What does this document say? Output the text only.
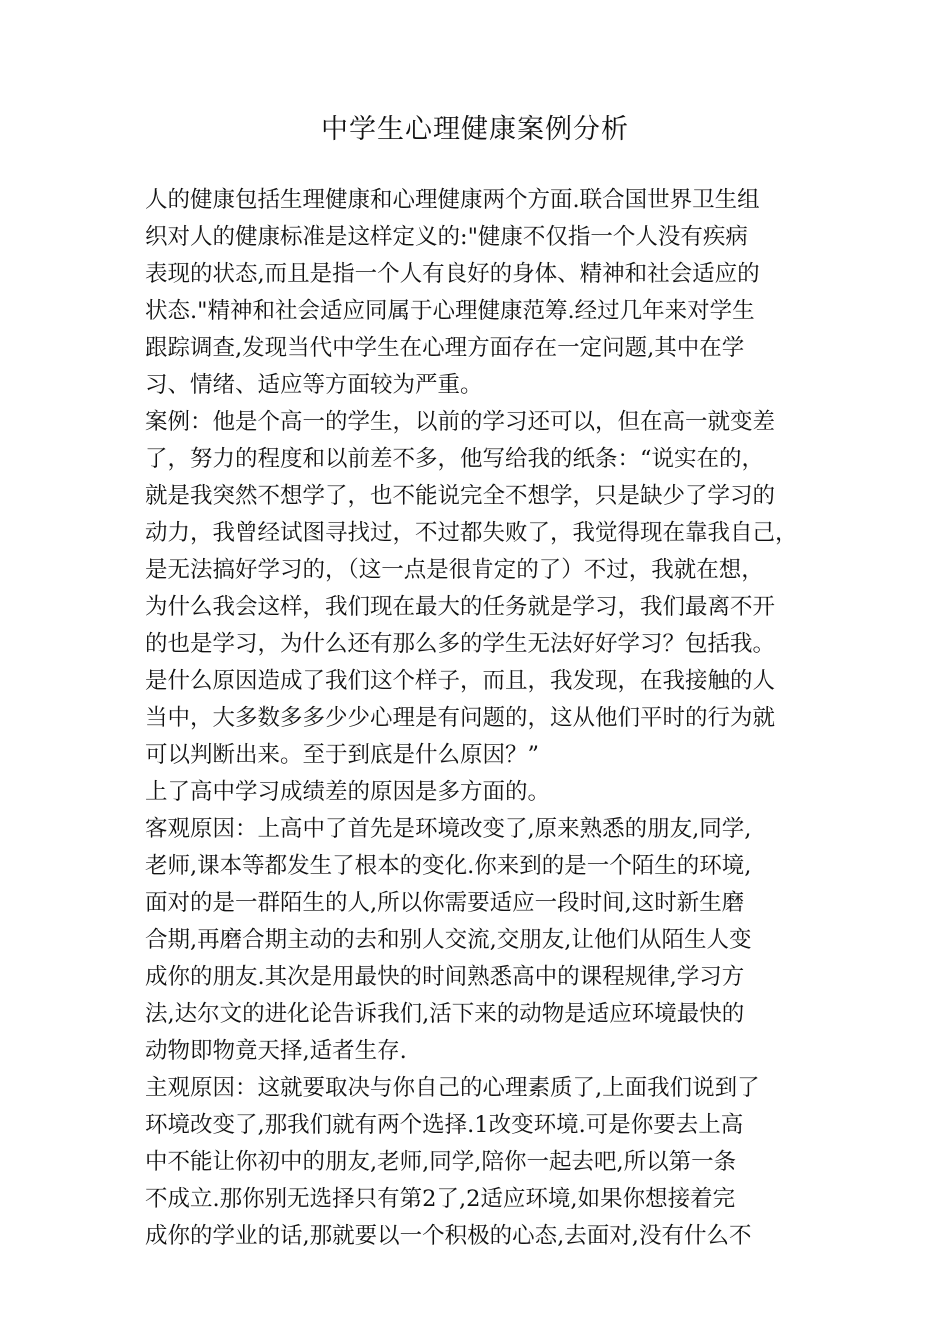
中学生心理健康案例分析
人的健康包括生理健康和心理健康两个方面.联合国世界卫生组
织对人的健康标准是这样定义的:"健康不仅指一个人没有疾病
表现的状态,而且是指一个人有良好的身体、精神和社会适应的
状态."精神和社会适应同属于心理健康范筹.经过几年来对学生
跟踪调查,发现当代中学生在心理方面存在一定问题,其中在学
习、情绪、适应等方面较为严重。
案例：他是个高一的学生，以前的学习还可以，但在高一就变差
了，努力的程度和以前差不多，他写给我的纸条：“说实在的，
就是我突然不想学了，也不能说完全不想学，只是缺少了学习的
动力，我曾经试图寻找过，不过都失败了，我觉得现在靠我自己，
是无法搞好学习的，（这一点是很肯定的了）不过，我就在想，
为什么我会这样，我们现在最大的任务就是学习，我们最离不开
的也是学习，为什么还有那么多的学生无法好好学习？包括我。
是什么原因造成了我们这个样子，而且，我发现，在我接触的人
当中，大多数多多少少心理是有问题的，这从他们平时的行为就
可以判断出来。至于到底是什么原因？”
上了高中学习成绩差的原因是多方面的。
客观原因：上高中了首先是环境改变了,原来熟悉的朋友,同学,
老师,课本等都发生了根本的变化.你来到的是一个陌生的环境,
面对的是一群陌生的人,所以你需要适应一段时间,这时新生磨
合期,再磨合期主动的去和别人交流,交朋友,让他们从陌生人变
成你的朋友.其次是用最快的时间熟悉高中的课程规律,学习方
法,达尔文的进化论告诉我们,活下来的动物是适应环境最快的
动物即物竟天择,适者生存.
主观原因：这就要取决与你自己的心理素质了,上面我们说到了
环境改变了,那我们就有两个选择.1改变环境.可是你要去上高
中不能让你初中的朋友,老师,同学,陪你一起去吧,所以第一条
不成立.那你别无选择只有第2了,2适应环境,如果你想接着完
成你的学业的话,那就要以一个积极的心态,去面对,没有什么不
